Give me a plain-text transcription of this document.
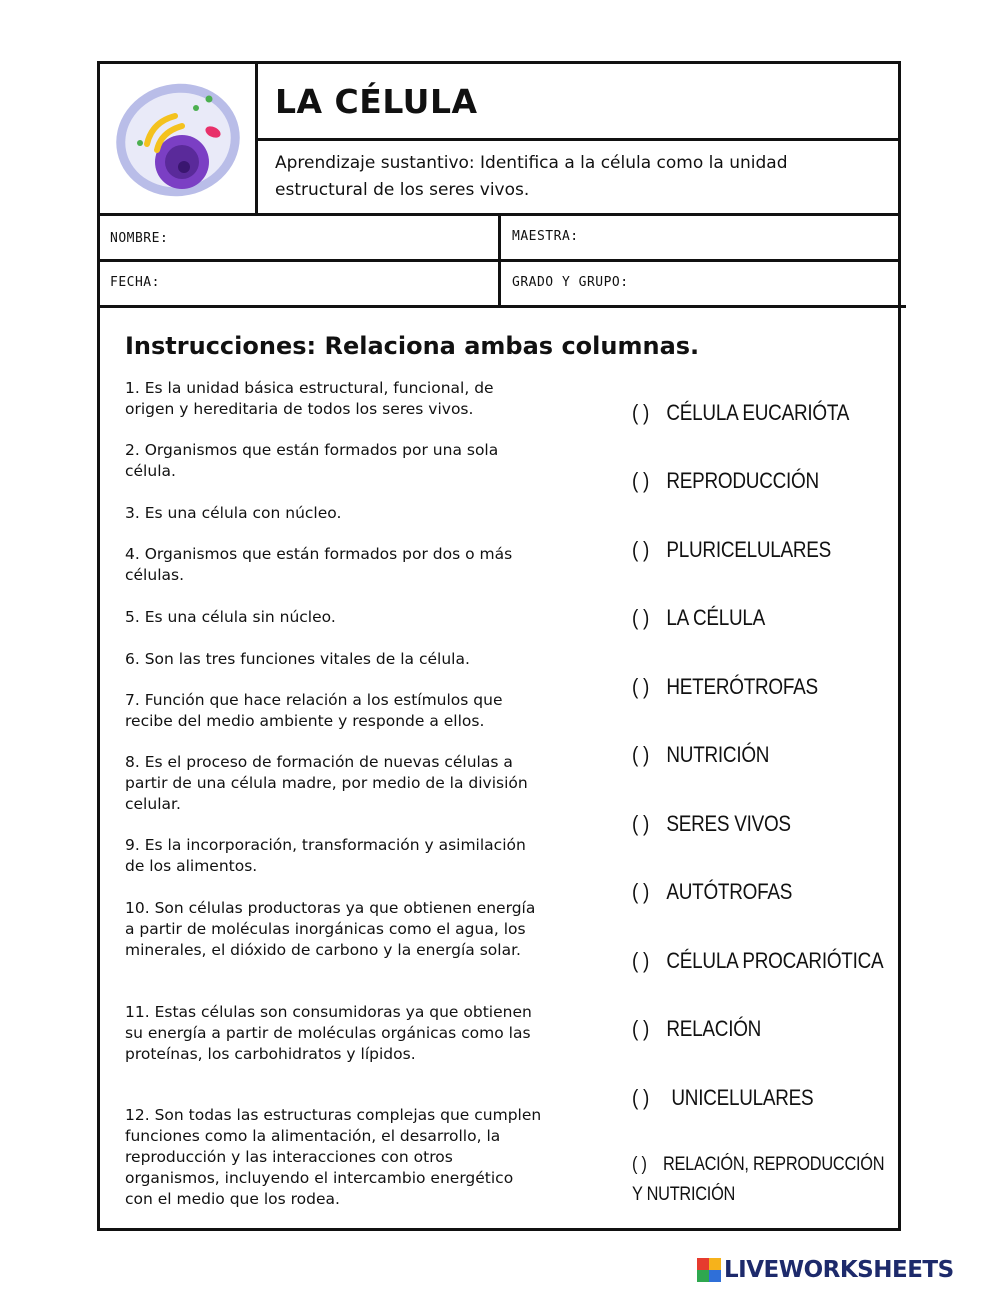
LA CÉLULA
Aprendizaje sustantivo: Identifica a la célula como la unidad estructural de los seres vivos.
NOMBRE:	MAESTRA:
FECHA:	GRADO Y GRUPO:
Instrucciones: Relaciona ambas columnas.
1. Es la unidad básica estructural, funcional, de origen y hereditaria de todos los seres vivos.
2. Organismos que están formados por una sola célula.
3. Es una célula con núcleo.
4. Organismos que están formados por dos o más células.
5. Es una célula sin núcleo.
6. Son las tres funciones vitales de la célula.
7. Función que hace relación a los estímulos que recibe del medio ambiente y responde a ellos.
8. Es el proceso de formación de nuevas células a partir de una célula madre, por medio de la división celular.
9. Es la incorporación, transformación y asimilación de los alimentos.
10. Son células productoras ya que obtienen energía a partir de moléculas inorgánicas como el agua, los minerales, el dióxido de carbono y la energía solar.
11. Estas células son consumidoras ya que obtienen su energía a partir de moléculas orgánicas como las proteínas, los carbohidratos y lípidos.
12. Son todas las estructuras complejas que cumplen funciones como la alimentación, el desarrollo, la reproducción y las interacciones con otros organismos, incluyendo el intercambio energético con el medio que los rodea.
( ) CÉLULA EUCARIÓTA
( ) REPRODUCCIÓN
( ) PLURICELULARES
( ) LA CÉLULA
( ) HETERÓTROFAS
( ) NUTRICIÓN
( ) SERES VIVOS
( ) AUTÓTROFAS
( ) CÉLULA PROCARIÓTICA
( ) RELACIÓN
( ) UNICELULARES
( ) RELACIÓN, REPRODUCCIÓN Y NUTRICIÓN
LIVEWORKSHEETS
